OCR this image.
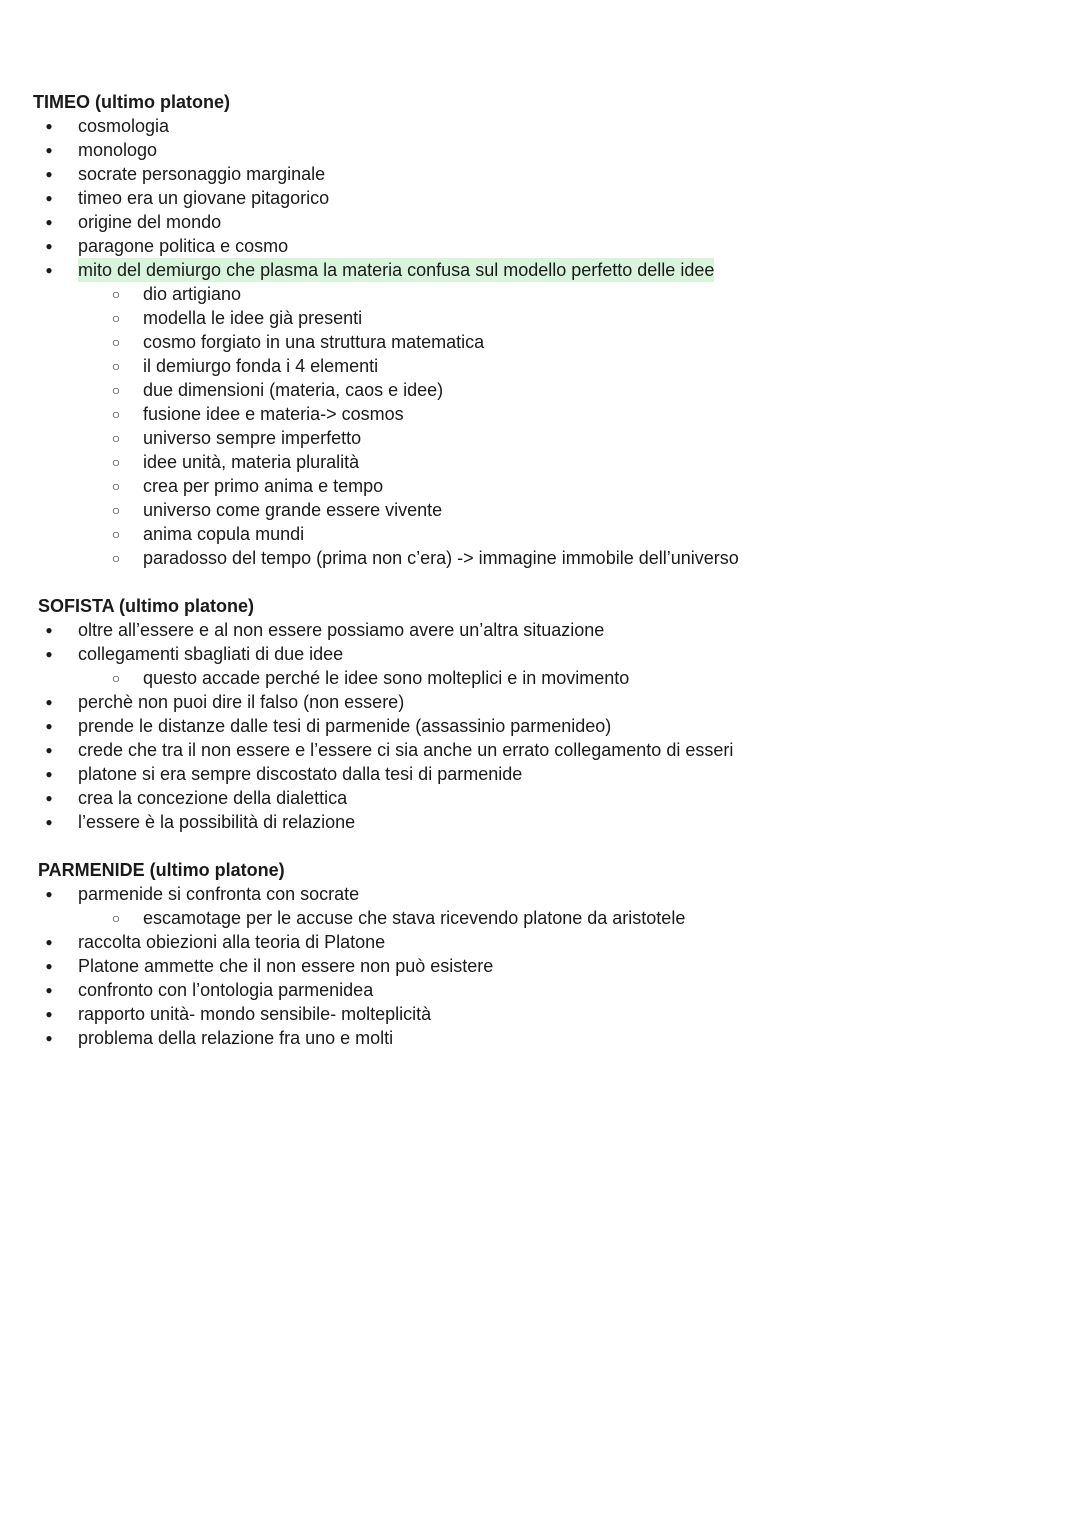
TIMEO (ultimo platone)
● cosmologia
● monologo
● socrate personaggio marginale
● timeo era un giovane pitagorico
● origine del mondo
● paragone politica e cosmo
● mito del demiurgo che plasma la materia confusa sul modello perfetto delle idee
○ dio artigiano
○ modella le idee già presenti
○ cosmo forgiato in una struttura matematica
○ il demiurgo fonda i 4 elementi
○ due dimensioni (materia, caos e idee)
○ fusione idee e materia-> cosmos
○ universo sempre imperfetto
○ idee unità, materia pluralità
○ crea per primo anima e tempo
○ universo come grande essere vivente
○ anima copula mundi
○ paradosso del tempo (prima non c’era) -> immagine immobile dell’universo
SOFISTA (ultimo platone)
● oltre all’essere e al non essere possiamo avere un’altra situazione
● collegamenti sbagliati di due idee
○ questo accade perché le idee sono molteplici e in movimento
● perchè non puoi dire il falso (non essere)
● prende le distanze dalle tesi di parmenide (assassinio parmenideo)
● crede che tra il non essere e l’essere ci sia anche un errato collegamento di esseri
● platone si era sempre discostato dalla tesi di parmenide
● crea la concezione della dialettica
● l’essere è la possibilità di relazione
PARMENIDE (ultimo platone)
● parmenide si confronta con socrate
○ escamotage per le accuse che stava ricevendo platone da aristotele
● raccolta obiezioni alla teoria di Platone
● Platone ammette che il non essere non può esistere
● confronto con l’ontologia parmenidea
● rapporto unità- mondo sensibile- molteplicità
● problema della relazione fra uno e molti
